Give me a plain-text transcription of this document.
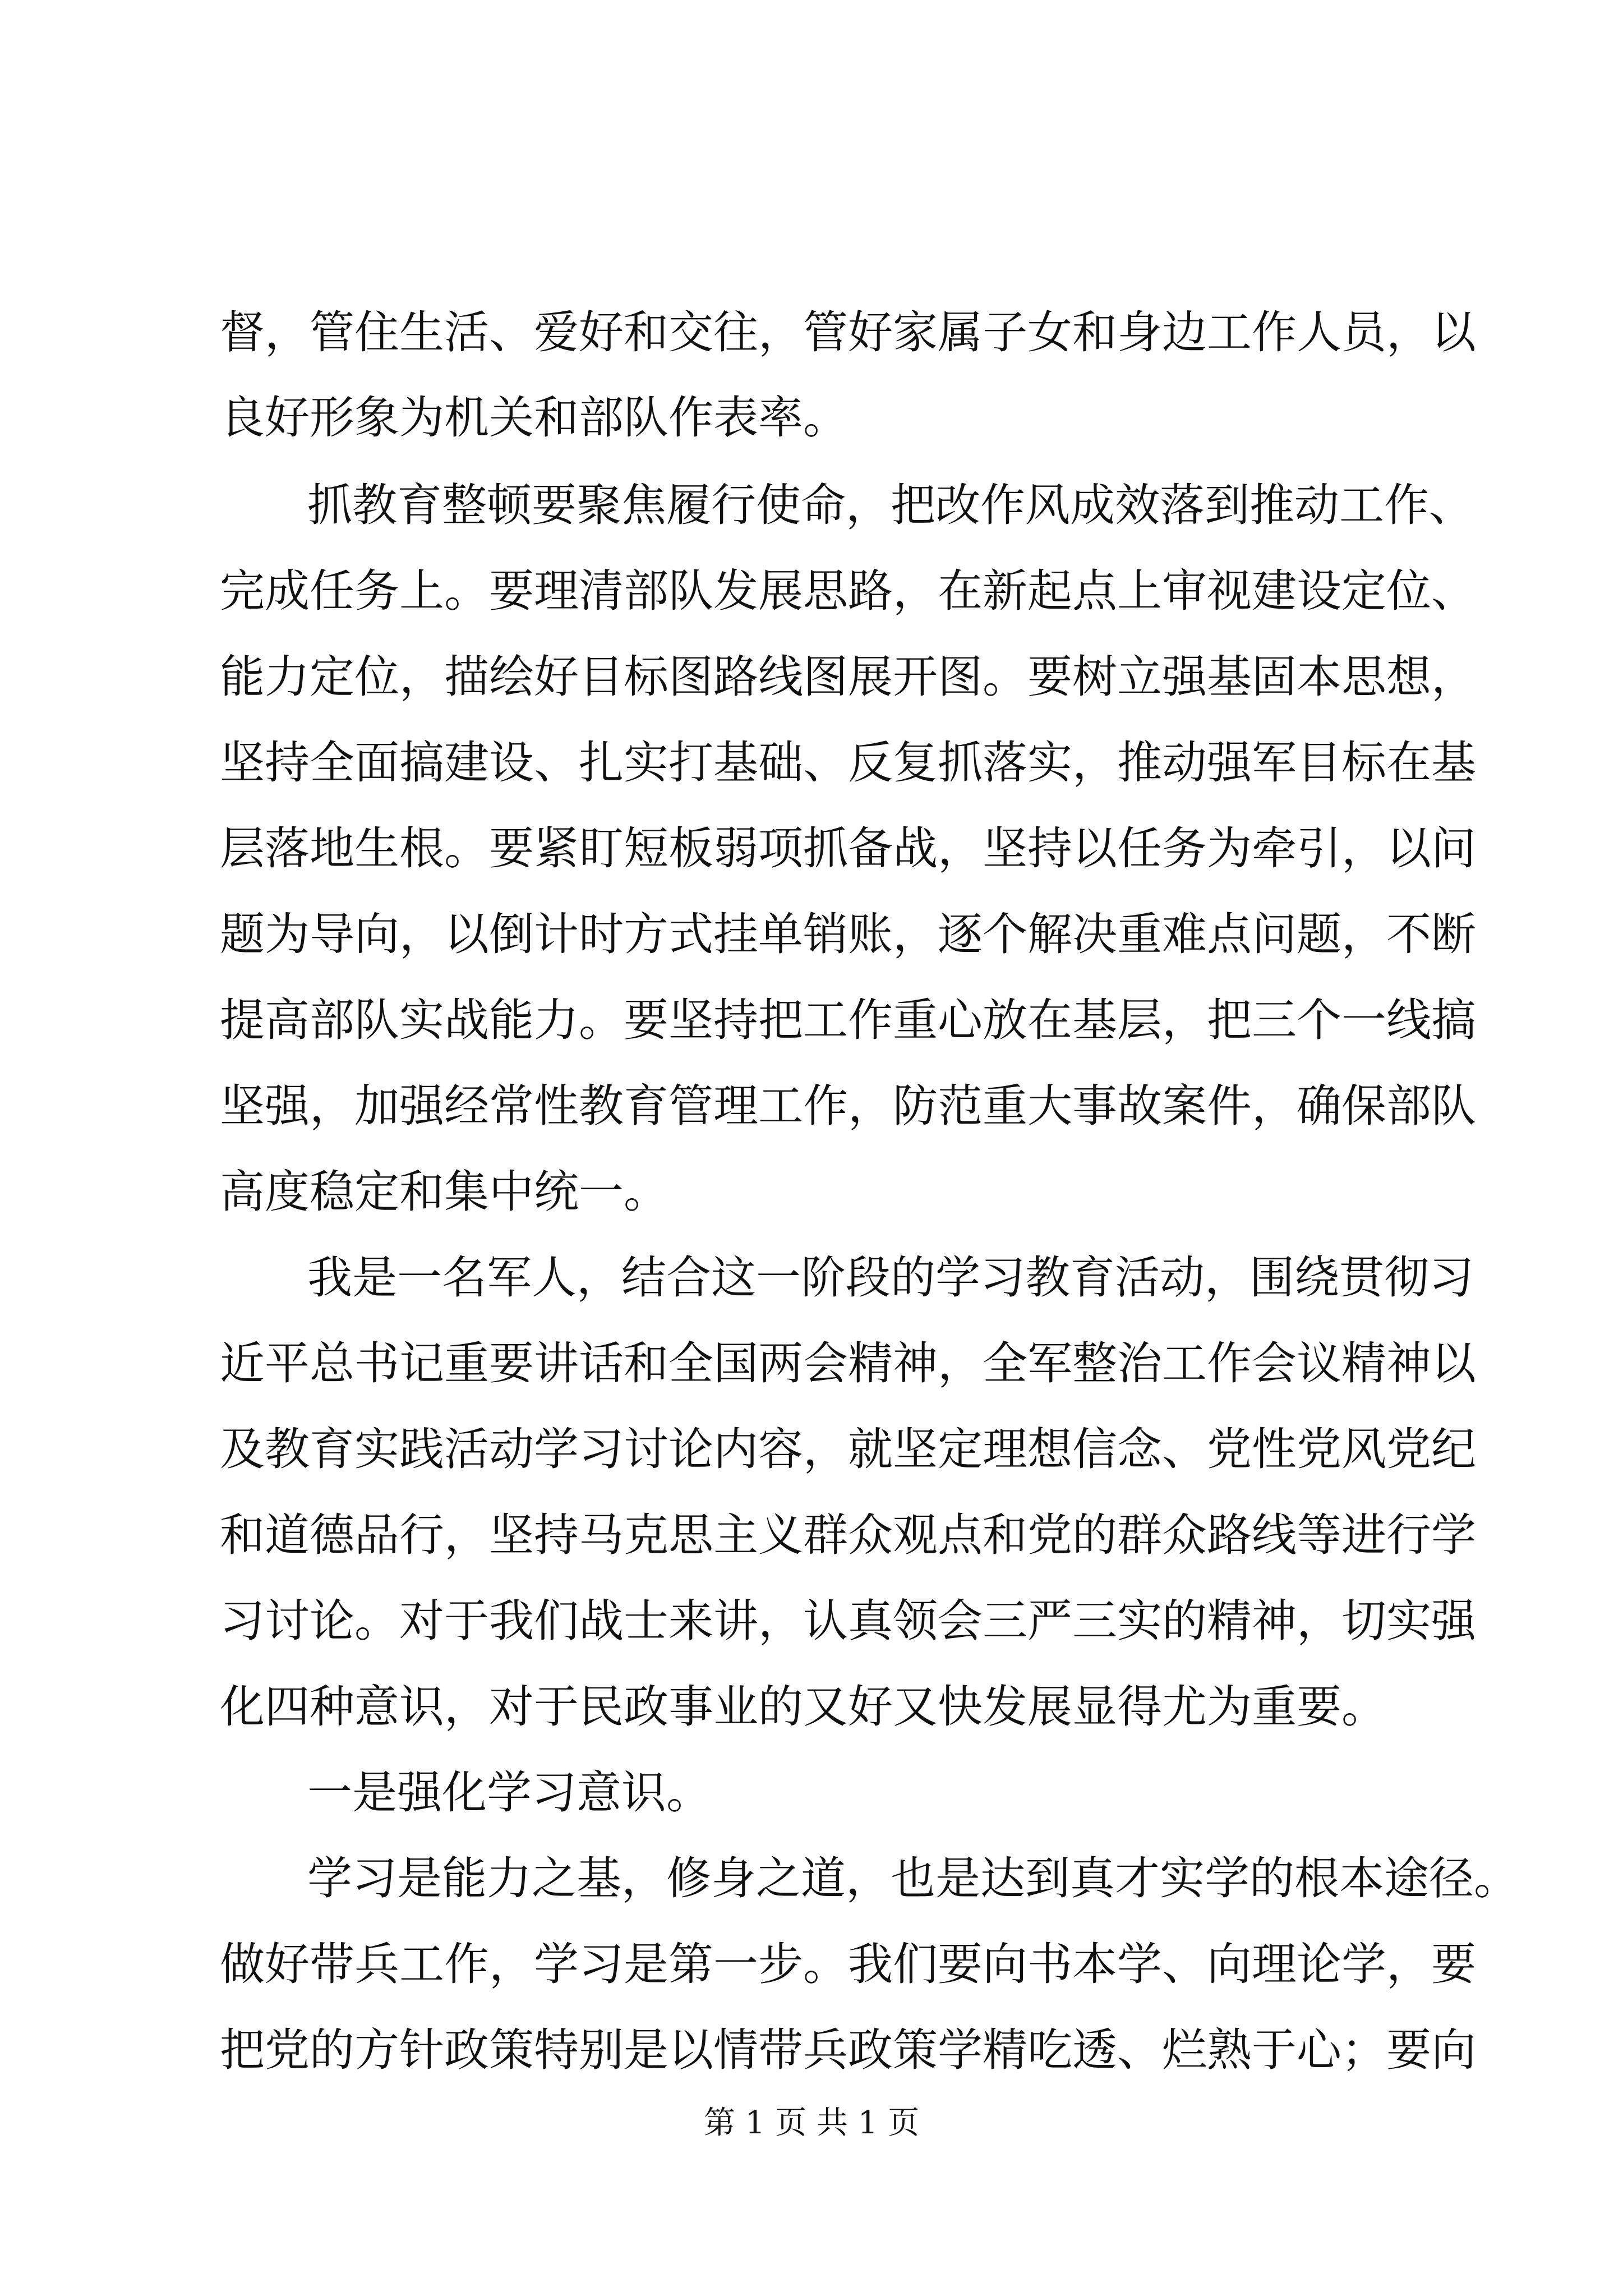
督，管住生活、爱好和交往，管好家属子女和身边工作人员，以
良好形象为机关和部队作表率。
抓教育整顿要聚焦履行使命，把改作风成效落到推动工作、
完成任务上。要理清部队发展思路，在新起点上审视建设定位、
能力定位，描绘好目标图路线图展开图。要树立强基固本思想，
坚持全面搞建设、扎实打基础、反复抓落实，推动强军目标在基
层落地生根。要紧盯短板弱项抓备战，坚持以任务为牵引，以问
题为导向，以倒计时方式挂单销账，逐个解决重难点问题，不断
提高部队实战能力。要坚持把工作重心放在基层，把三个一线搞
坚强，加强经常性教育管理工作，防范重大事故案件，确保部队
高度稳定和集中统一。
我是一名军人，结合这一阶段的学习教育活动，围绕贯彻习
近平总书记重要讲话和全国两会精神，全军整治工作会议精神以
及教育实践活动学习讨论内容，就坚定理想信念、党性党风党纪
和道德品行，坚持马克思主义群众观点和党的群众路线等进行学
习讨论。对于我们战士来讲，认真领会三严三实的精神，切实强
化四种意识，对于民政事业的又好又快发展显得尤为重要。
一是强化学习意识。
学习是能力之基，修身之道，也是达到真才实学的根本途径。
做好带兵工作，学习是第一步。我们要向书本学、向理论学，要
把党的方针政策特别是以情带兵政策学精吃透、烂熟于心；要向
第 1 页 共 1 页
